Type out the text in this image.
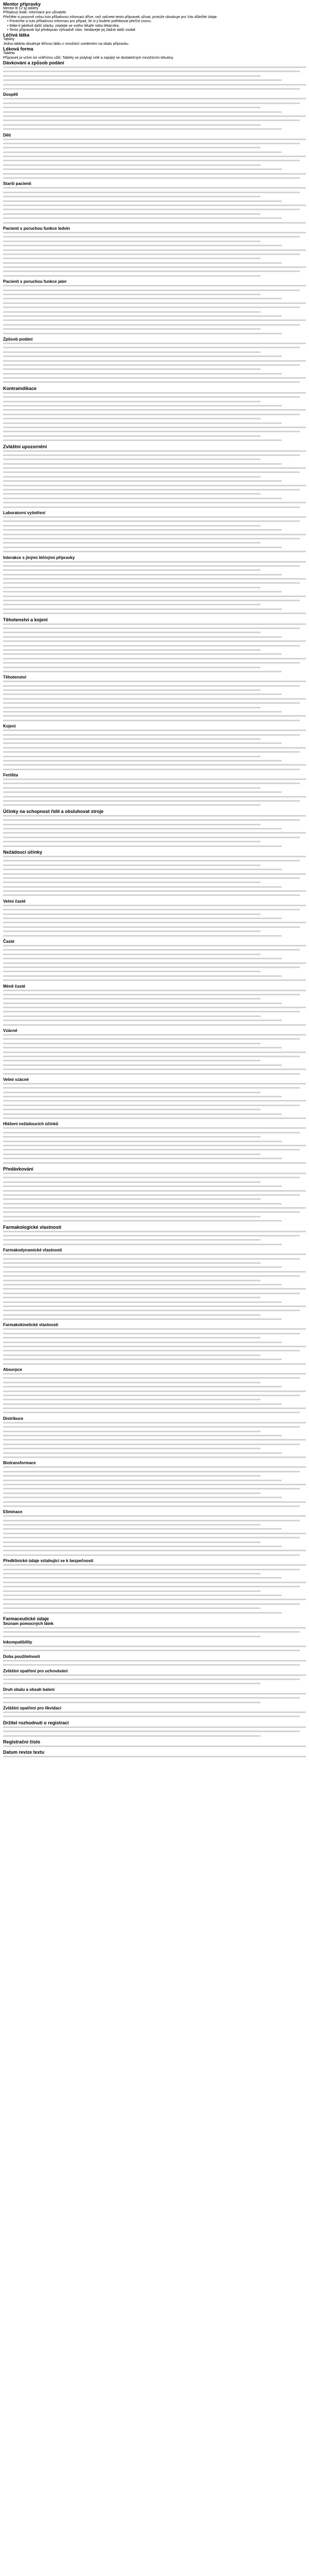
Mentor přípravky
Mentor B 12 tg tablety
Příbalový leták: informace pro uživatele
Přečtěte si pozorně celou tuto příbalovou informaci dříve, než začnete tento přípravek užívat, protože obsahuje pro Vás důležité údaje.
• Ponechte si tuto příbalovou informaci pro případ, že si ji budete potřebovat přečíst znovu.
• Máte-li jakékoli další otázky, zeptejte se svého lékaře nebo lékárníka.
• Tento přípravek byl předepsán výhradně Vám. Nedávejte jej žádné další osobě.
Léčivá látka
Tablety
Jedna tableta obsahuje léčivou látku v množství uvedeném na obalu přípravku.
Léková forma
Tableta
Přípravek je určen ke vnitřnímu užití. Tablety se polykají celé a zapíjejí se dostatečným množstvím tekutiny.
Dávkování a způsob podání
Dospělí
Děti
Starší pacienti
Pacienti s poruchou funkce ledvin
Pacienti s poruchou funkce jater
Způsob podání
Kontraindikace
Zvláštní upozornění
Laboratorní vyšetření
Interakce s jinými léčivými přípravky
Těhotenství a kojení
Těhotenství
Kojení
Fertilita
Účinky na schopnost řídit a obsluhovat stroje
Nežádoucí účinky
Velmi časté
Časté
Méně časté
Vzácné
Velmi vzácné
Hlášení nežádoucích účinků
Předávkování
Farmakologické vlastnosti
Farmakodynamické vlastnosti
Farmakokinetické vlastnosti
Absorpce
Distribuce
Biotransformace
Eliminace
Předklinické údaje vztahující se k bezpečnosti
Farmaceutické údaje
Seznam pomocných látek
Inkompatibility
Doba použitelnosti
Zvláštní opatření pro uchovávání
Druh obalu a obsah balení
Zvláštní opatření pro likvidaci
Držitel rozhodnutí o registraci
Registrační číslo
Datum revize textu
